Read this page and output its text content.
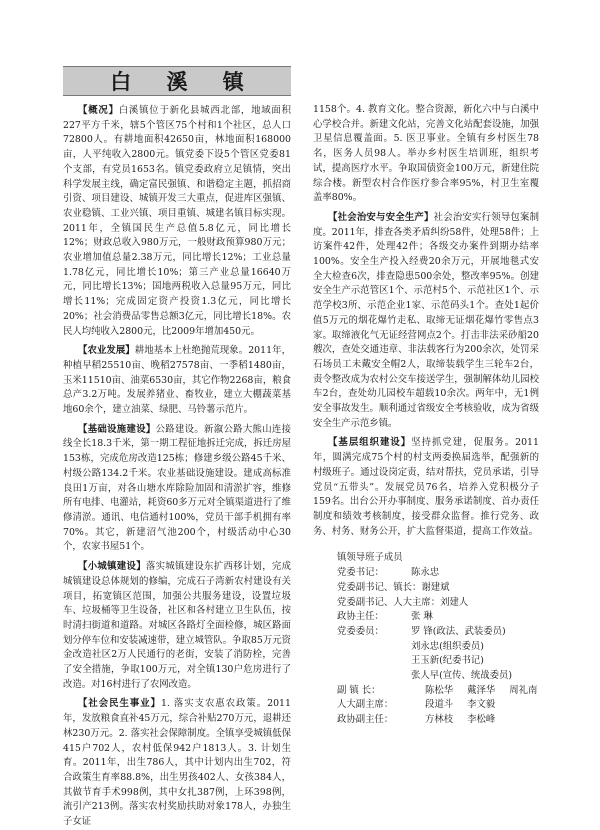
白 溪 镇

【概况】白溪镇位于新化县城西北部，地域面积227平方千米，辖5个管区75个村和1个社区，总人口72800人。有耕地面积42650亩，林地面积168000亩，人平纯收入2800元。镇党委下设5个管区党委81个支部，有党员1653名。镇党委政府立足镇情，突出科学发展主线，确定富民强镇、和谐稳定主题，抓招商引资、项目建设、城镇开发三大重点，促进库区强镇、农业稳镇、工业兴镇、项目重镇、城建名镇目标实现。2011年，全镇国民生产总值5.8亿元，同比增长12%；财政总收入980万元，一般财政预算980万元；农业增加值总量2.38万元，同比增长12%；工业总量1.78亿元，同比增长10%；第三产业总量16640万元，同比增长13%；国地两税收入总量95万元，同比增长11%；完成固定资产投资1.3亿元，同比增长20%；社会消费品零售总额3亿元，同比增长18%。农民人均纯收入2800元，比2009年增加450元。

【农业发展】耕地基本上杜绝抛荒现象。2011年，种植早稻25510亩、晚稻27578亩、一季稻1480亩，玉米11510亩、油菜6530亩，其它作物2268亩，粮食总产3.2万吨。发展养猪业、畜牧业，建立大棚蔬菜基地60余个，建立油菜、绿肥、马铃薯示范片。

【基础设施建设】公路建设。新溆公路大熊山连接线全长18.3千米，第一期工程征地拆迁完成，拆迁房屋153栋，完成危房改造125栋；修建乡级公路45千米、村级公路134.2千米。农业基础设施建设。建成高标准良田1万亩，对各山塘水库除险加固和清淤扩容，维修所有电排、电灌站，耗资60多万元对全镇渠道进行了维修清淤。通讯、电信通村100%，党员干部手机拥有率70%。其它，新建沼气池200个，村级活动中心30个，农家书屋51个。

【小城镇建设】落实城镇建设东扩西移计划，完成城镇建设总体规划的修编，完成石子湾新农村建设有关项目，拓宽镇区范围，加强公共服务建设，设置垃圾车、垃圾桶等卫生设备，社区和各村建立卫生队伍，按时清扫街道和道路。对城区各路灯全面检修，城区路面划分停车位和安装减速带，建立城管队。争取85万元资金改造社区2万人民通行的老街，安装了消防栓，完善了安全措施，争取100万元，对全镇130户危房进行了改造。对16村进行了农网改造。

【社会民生事业】1. 落实支农惠农政策。2011年，发放粮食直补45万元，综合补贴270万元，退耕还林230万元。2. 落实社会保障制度。全镇享受城镇低保415户702人，农村低保942户1813人。3. 计划生育。2011年，出生786人，其中计划内出生702，符合政策生育率88.8%，出生男孩402人、女孩384人，其做节育手术998例，其中女扎387例，上环398例，流引产213例。落实农村奖励扶助对象178人，办独生子女证

1158个。4. 教育文化。整合资源，新化六中与白溪中心学校合并。新建文化站，完善文化站配套设施，加强卫星信息覆盖面。5. 医卫事业。全镇有乡村医生78名，医务人员98人。举办乡村医生培训班，组织考试，提高医疗水平。争取国债资金100万元，新建住院综合楼。新型农村合作医疗参合率95%，村卫生室覆盖率80%。

【社会治安与安全生产】社会治安实行领导包案制度。2011年，排查各类矛盾纠纷58件，处理58件；上访案件42件，处理42件；各级交办案件到期办结率100%。安全生产投入经费20余万元，开展地毯式安全大检查6次，排查隐患500余处，整改率95%。创建安全生产示范管区1个、示范村5个、示范社区1个、示范学校3所、示范企业1家、示范码头1个。查处1起价值5万元的烟花爆竹走私、取缔无证烟花爆竹零售点3家。取缔液化气无证经营网点2个。打击非法采砂船20艘次，查处交通违章、非法载客行为200余次，处罚采石场员工未戴安全帽2人，取缔装载学生三轮车2台，责令整改成为农村公交车接送学生，强制解体幼儿园校车2台，查处幼儿园校车超载10余次。两年中，无1例安全事故发生。顺利通过省级安全考核验收，成为省级安全生产示范乡镇。

【基层组织建设】坚持抓党建，促服务。2011年，圆满完成75个村的村支两委换届选举，配强新的村级班子。通过设岗定责，结对帮扶，党员承诺，引导党员“五带头”。发展党员76名，培养入党积极分子159名。出台公开办事制度、服务承诺制度、首办责任制度和绩效考核制度，接受群众监督。推行党务、政务、村务、财务公开，扩大监督渠道，提高工作效益。

镇领导班子成员
党委书记：	陈永忠
党委副书记、镇长： 谢建斌
党委副书记、人大主席： 刘建人
政协主任：	张 琳
党委委员：	罗 锋(政法、武装委员)
刘永忠(组织委员)
王玉新(纪委书记)
张人早(宣传、统战委员)
副 镇 长：	陈松华 戴泽华 周礼南
人大副主席：	段道斗 李文毅
政协副主任：	方林枝 李松峰
